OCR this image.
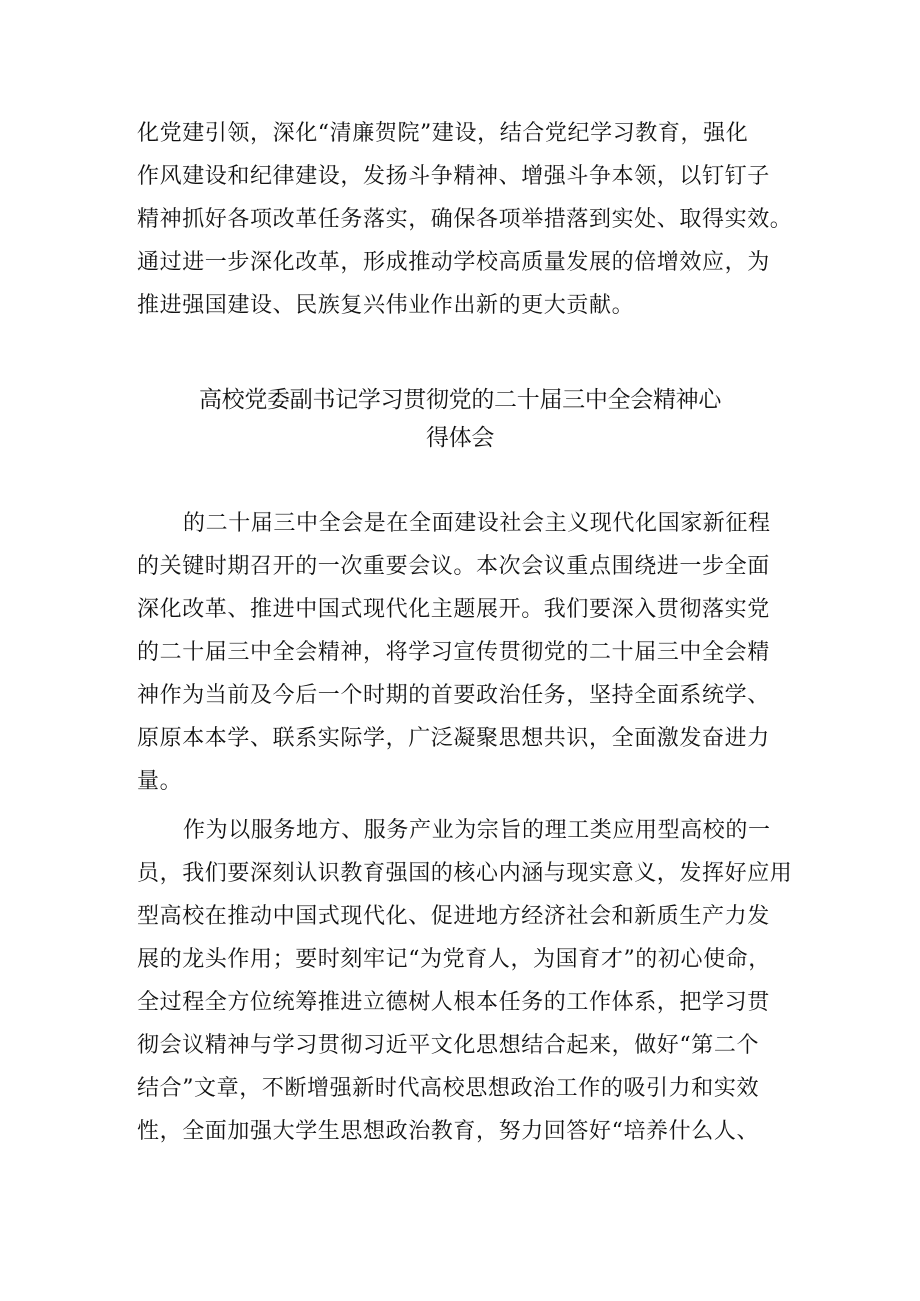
化党建引领，深化“清廉贺院”建设，结合党纪学习教育，强化
作风建设和纪律建设，发扬斗争精神、增强斗争本领，以钉钉子
精神抓好各项改革任务落实，确保各项举措落到实处、取得实效。
通过进一步深化改革，形成推动学校高质量发展的倍增效应，为
推进强国建设、民族复兴伟业作出新的更大贡献。
高校党委副书记学习贯彻党的二十届三中全会精神心
得体会
的二十届三中全会是在全面建设社会主义现代化国家新征程
的关键时期召开的一次重要会议。本次会议重点围绕进一步全面
深化改革、推进中国式现代化主题展开。我们要深入贯彻落实党
的二十届三中全会精神，将学习宣传贯彻党的二十届三中全会精
神作为当前及今后一个时期的首要政治任务，坚持全面系统学、
原原本本学、联系实际学，广泛凝聚思想共识，全面激发奋进力
量。
作为以服务地方、服务产业为宗旨的理工类应用型高校的一
员，我们要深刻认识教育强国的核心内涵与现实意义，发挥好应用
型高校在推动中国式现代化、促进地方经济社会和新质生产力发
展的龙头作用；要时刻牢记“为党育人，为国育才”的初心使命，
全过程全方位统筹推进立德树人根本任务的工作体系，把学习贯
彻会议精神与学习贯彻习近平文化思想结合起来，做好“第二个
结合”文章，不断增强新时代高校思想政治工作的吸引力和实效
性，全面加强大学生思想政治教育，努力回答好“培养什么人、
